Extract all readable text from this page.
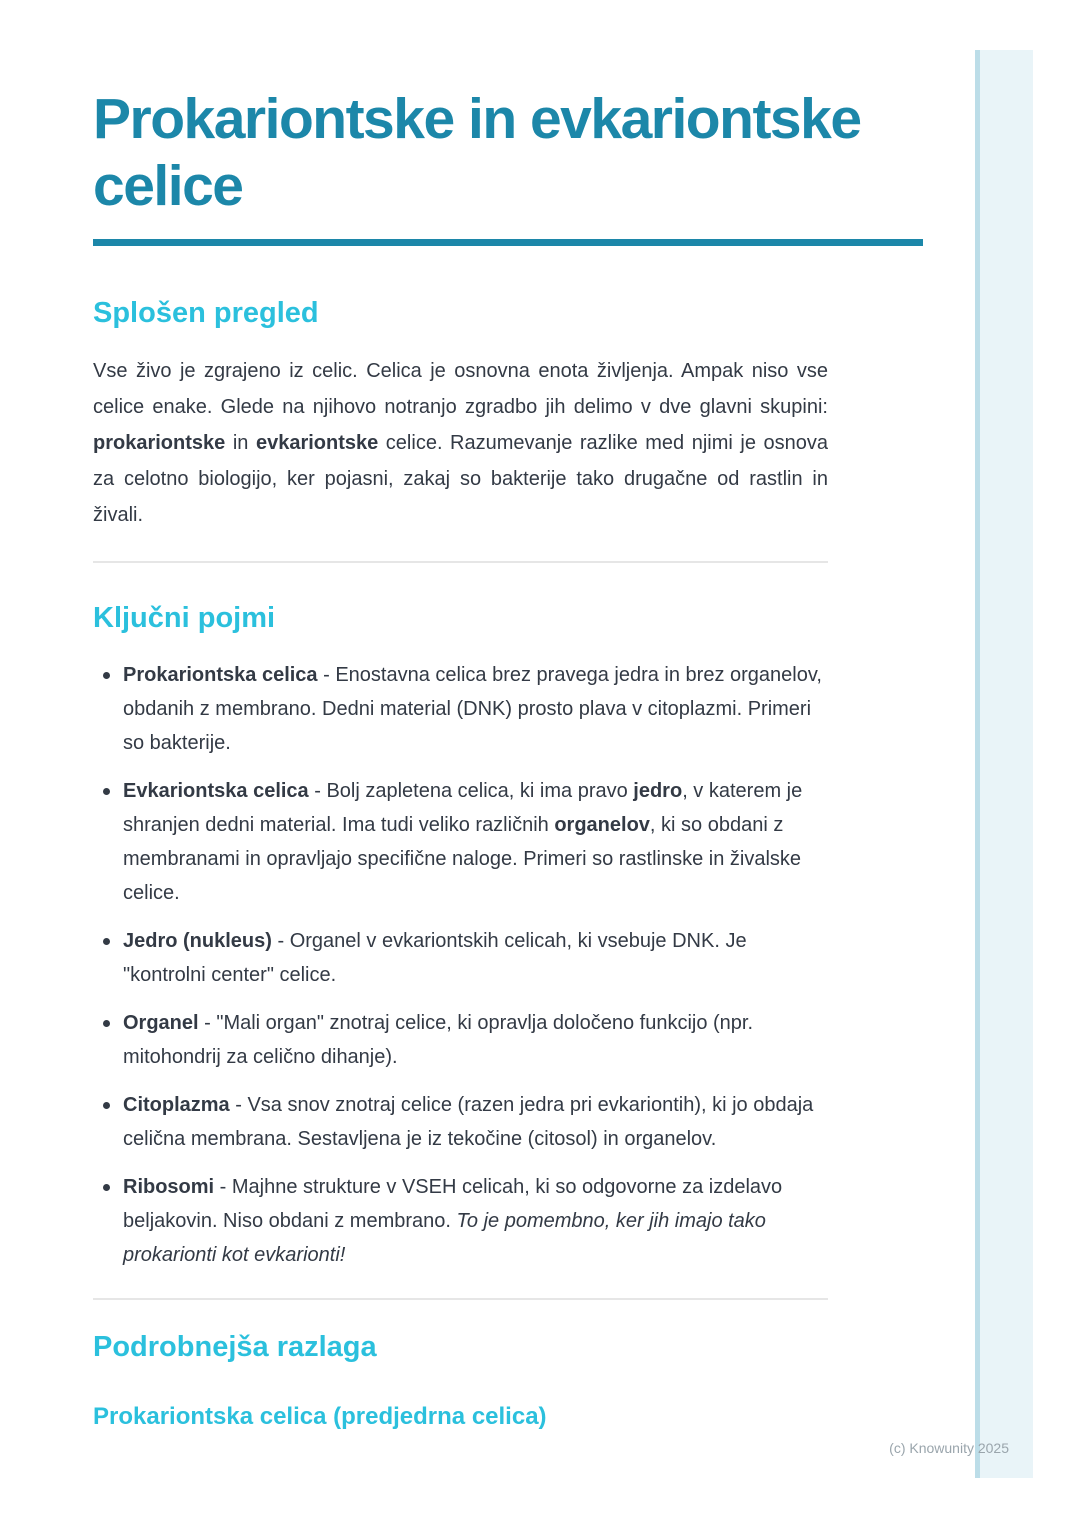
Prokariontske in evkariontske celice
Splošen pregled

Vse živo je zgrajeno iz celic. Celica je osnovna enota življenja. Ampak niso vse celice enake. Glede na njihovo notranjo zgradbo jih delimo v dve glavni skupini: prokariontske in evkariontske celice. Razumevanje razlike med njimi je osnova za celotno biologijo, ker pojasni, zakaj so bakterije tako drugačne od rastlin in živali.

Ključni pojmi
Prokariontska celica - Enostavna celica brez pravega jedra in brez organelov, obdanih z membrano. Dedni material (DNK) prosto plava v citoplazmi. Primeri so bakterije.
Evkariontska celica - Bolj zapletena celica, ki ima pravo jedro, v katerem je shranjen dedni material. Ima tudi veliko različnih organelov, ki so obdani z membranami in opravljajo specifične naloge. Primeri so rastlinske in živalske celice.
Jedro (nukleus) - Organel v evkariontskih celicah, ki vsebuje DNK. Je "kontrolni center" celice.
Organel - "Mali organ" znotraj celice, ki opravlja določeno funkcijo (npr. mitohondrij za celično dihanje).
Citoplazma - Vsa snov znotraj celice (razen jedra pri evkariontih), ki jo obdaja celična membrana. Sestavljena je iz tekočine (citosol) in organelov.
Ribosomi - Majhne strukture v VSEH celicah, ki so odgovorne za izdelavo beljakovin. Niso obdani z membrano. To je pomembno, ker jih imajo tako prokarionti kot evkarionti!
Podrobnejša razlaga
Prokariontska celica (predjedrna celica)
(c) Knowunity 2025
